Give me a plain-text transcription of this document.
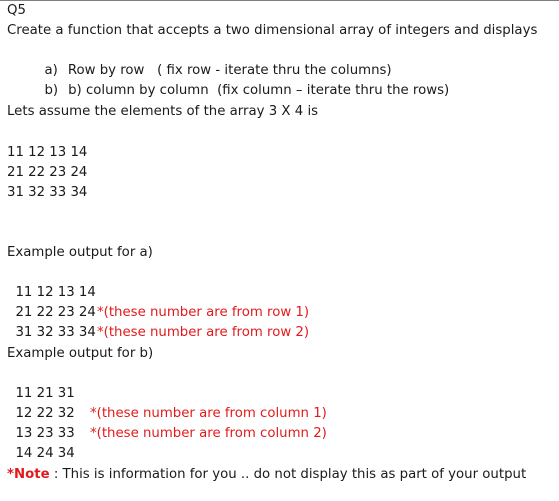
Q5
Create a function that accepts a two dimensional array of integers and displays

a) Row by row   ( fix row - iterate thru the columns)

b) b) column by column  (fix column – iterate thru the rows)

Lets assume the elements of the array 3 X 4 is
11 12 13 14
21 22 23 24
31 32 33 34
Example output for a)

11 12 13 14

*(these number are from row 1)

21 22 23 24

*(these number are from row 2)

31 32 33 34

Example output for b)

11 21 31

*(these number are from column 1)

12 22 32

*(these number are from column 2)

13 23 33

14 24 34

*Note : This is information for you .. do not display this as part of your output
